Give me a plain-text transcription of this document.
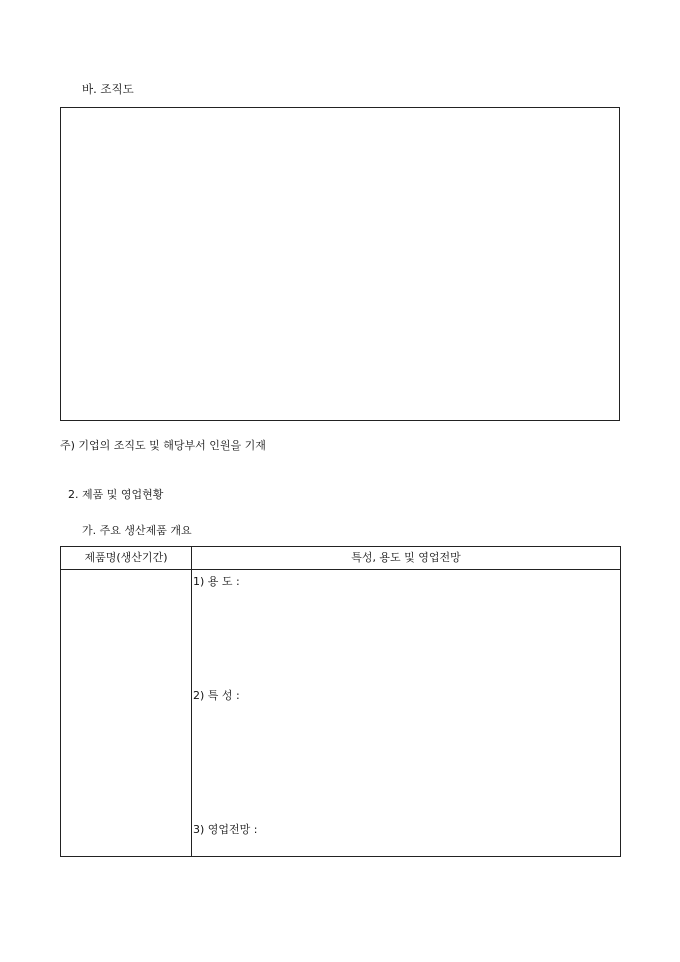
바. 조직도
주) 기업의 조직도 및 해당부서 인원을 기재
2. 제품 및 영업현황
가. 주요 생산제품 개요
제품명(생산기간)	특성, 용도 및 영업전망
1) 용 도 :
2) 특 성 :
3) 영업전망 :
